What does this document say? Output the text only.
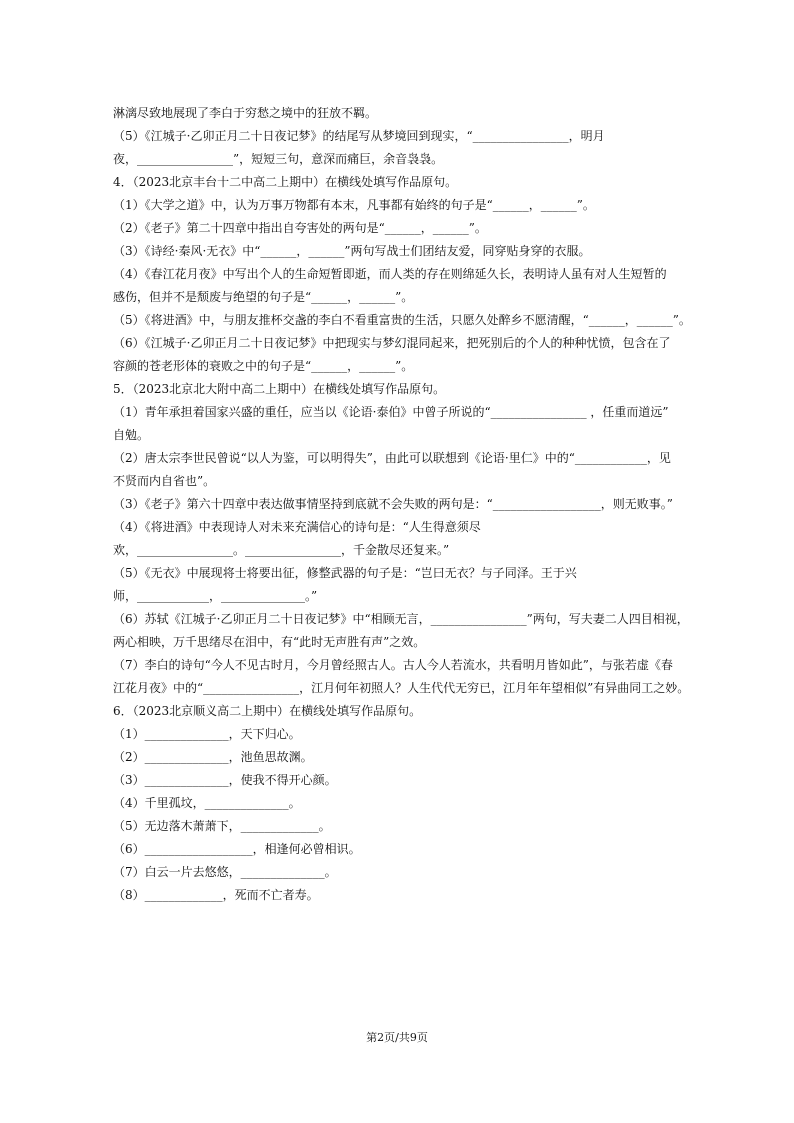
淋漓尽致地展现了李白于穷愁之境中的狂放不羁。
（5）《江城子·乙卯正月二十日夜记梦》的结尾写从梦境回到现实，“________________，明月
夜，________________”，短短三句，意深而痛巨，余音袅袅。
4．（2023北京丰台十二中高二上期中）在横线处填写作品原句。
（1）《大学之道》中，认为万事万物都有本末，凡事都有始终的句子是“______，______”。
（2）《老子》第二十四章中指出自夸害处的两句是“______，______”。
（3）《诗经·秦风·无衣》中“______，______”两句写战士们团结友爱，同穿贴身穿的衣服。
（4）《春江花月夜》中写出个人的生命短暂即逝，而人类的存在则绵延久长，表明诗人虽有对人生短暂的
感伤，但并不是颓废与绝望的句子是“______，______”。
（5）《将进酒》中，与朋友推杯交盏的李白不看重富贵的生活，只愿久处醉乡不愿清醒，“______，______”。
（6）《江城子·乙卯正月二十日夜记梦》中把现实与梦幻混同起来，把死别后的个人的种种忧愤，包含在了
容颜的苍老形体的衰败之中的句子是“______，______”。
5．（2023北京北大附中高二上期中）在横线处填写作品原句。
（1）青年承担着国家兴盛的重任，应当以《论语·泰伯》中曾子所说的“________________ ，任重而道远”
自勉。
（2）唐太宗李世民曾说“以人为鉴，可以明得失”，由此可以联想到《论语·里仁》中的“____________，见
不贤而内自省也”。
（3）《老子》第六十四章中表达做事情坚持到底就不会失败的两句是：“__________________，则无败事。”
（4）《将进酒》中表现诗人对未来充满信心的诗句是：“人生得意须尽
欢，________________。________________，千金散尽还复来。”
（5）《无衣》中展现将士将要出征，修整武器的句子是：“岂曰无衣？与子同泽。王于兴
师，____________，______________。”
（6）苏轼《江城子·乙卯正月二十日夜记梦》中“相顾无言，________________”两句，写夫妻二人四目相视，
两心相映，万千思绪尽在泪中，有“此时无声胜有声”之效。
（7）李白的诗句“今人不见古时月，今月曾经照古人。古人今人若流水，共看明月皆如此”，与张若虚《春
江花月夜》中的“________________，江月何年初照人？人生代代无穷已，江月年年望相似”有异曲同工之妙。
6．（2023北京顺义高二上期中）在横线处填写作品原句。
（1）______________，天下归心。
（2）______________，池鱼思故渊。
（3）______________，使我不得开心颜。
（4）千里孤坟，______________。
（5）无边落木萧萧下，_____________。
（6）__________________，相逢何必曾相识。
（7）白云一片去悠悠，______________。
（8）_____________，死而不亡者寿。
第2页/共9页
